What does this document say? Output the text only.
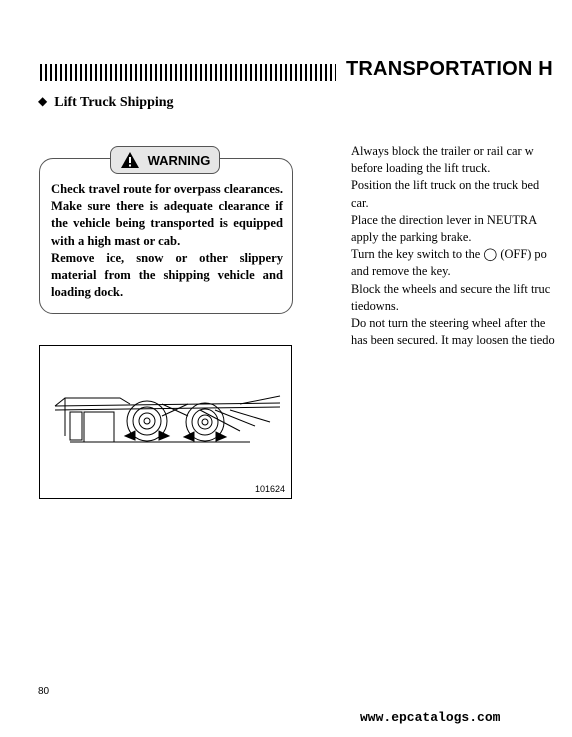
TRANSPORTATION H
◆ Lift Truck Shipping
WARNING

Check travel route for overpass clearances. Make sure there is adequate clearance if the vehicle being transported is equipped with a high mast or cab.

Remove ice, snow or other slippery material from the shipping vehicle and loading dock.

101624
Always block the trailer or rail car w
before loading the lift truck.
Position the lift truck on the truck bed
car.
Place the direction lever in NEUTRA
apply the parking brake.
Turn the key switch to the ◯ (OFF) po
and remove the key.
Block the wheels and secure the lift truc
tiedowns.
Do not turn the steering wheel after the
has been secured. It may loosen the tiedo
80
www.epcatalogs.com
